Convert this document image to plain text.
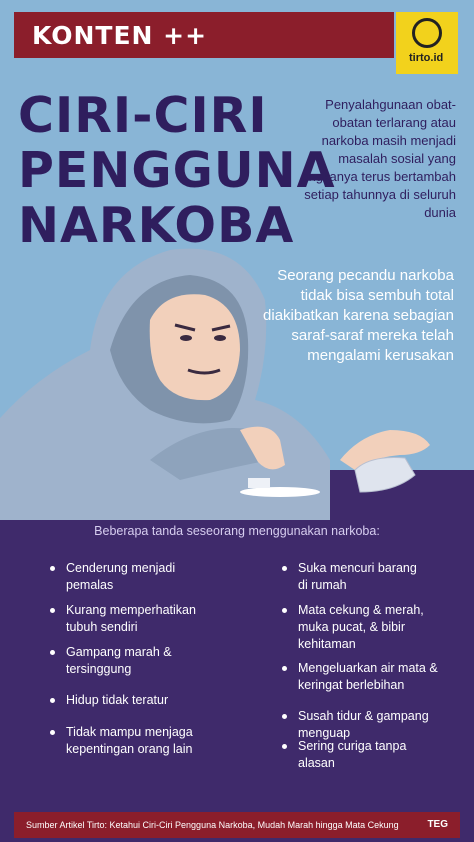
KONTEN ++
tirto.id
CIRI-CIRI
PENGGUNA
NARKOBA
Penyalahgunaan obat-obatan terlarang atau narkoba masih menjadi masalah sosial yang angkanya terus bertambah setiap tahunnya di seluruh dunia
Seorang pecandu narkoba tidak bisa sembuh total diakibatkan karena sebagian saraf-saraf mereka telah mengalami kerusakan
Beberapa tanda seseorang menggunakan narkoba:
Cenderung menjadi pemalas
Kurang memperhatikan tubuh sendiri
Gampang marah & tersinggung
Hidup tidak teratur
Tidak mampu menjaga kepentingan orang lain
Suka mencuri barang di rumah
Mata cekung & merah, muka pucat, & bibir kehitaman
Mengeluarkan air mata & keringat berlebihan
Susah tidur & gampang menguap
Sering curiga tanpa alasan
Sumber Artikel Tirto: Ketahui Ciri-Ciri Pengguna Narkoba, Mudah Marah hingga Mata Cekung	TEG
